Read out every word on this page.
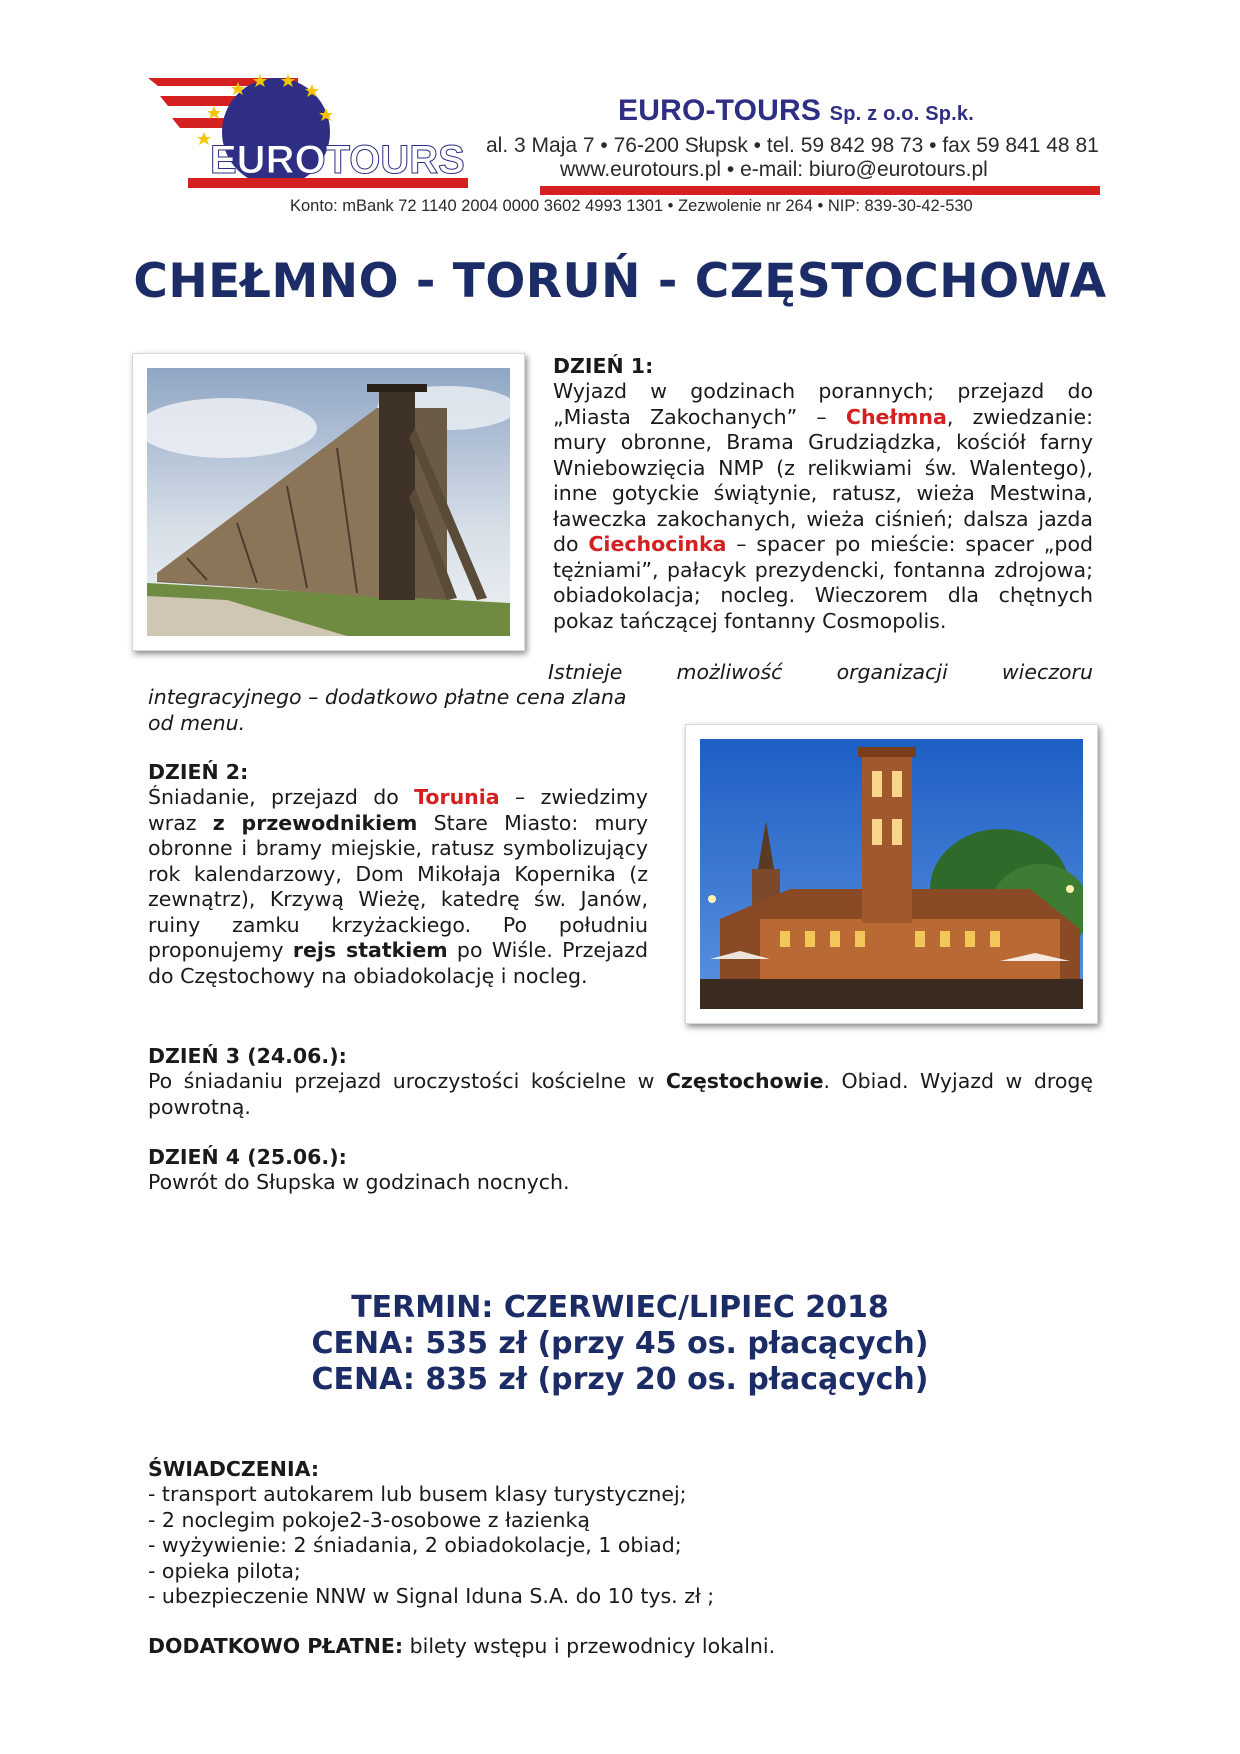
EUROTOURS
EURO-TOURS Sp. z o.o. Sp.k.
al. 3 Maja 7 • 76-200 Słupsk • tel. 59 842 98 73 • fax 59 841 48 81
www.eurotours.pl • e-mail: biuro@eurotours.pl
Konto: mBank 72 1140 2004 0000 3602 4993 1301 • Zezwolenie nr 264 • NIP: 839-30-42-530
CHEŁMNO - TORUŃ - CZĘSTOCHOWA
DZIEŃ 1:
Wyjazd w godzinach porannych; przejazd do „Miasta Zakochanych” – Chełmna, zwiedzanie: mury obronne, Brama Grudziądzka, kościół farny Wniebowzięcia NMP (z relikwiami św. Walentego), inne gotyckie świątynie, ratusz, wieża Mestwina, ławeczka zakochanych, wieża ciśnień; dalsza jazda do Ciechocinka – spacer po mieście: spacer „pod tężniami”, pałacyk prezydencki, fontanna zdrojowa; obiadokolacja; nocleg. Wieczorem dla chętnych pokaz tańczącej fontanny Cosmopolis.
Istnieje	możliwość	organizacji	wieczoru
integracyjnego – dodatkowo płatne cena zlana od menu.
DZIEŃ 2:
Śniadanie, przejazd do Torunia – zwiedzimy wraz z przewodnikiem Stare Miasto: mury obronne i bramy miejskie, ratusz symbolizujący rok kalendarzowy, Dom Mikołaja Kopernika (z zewnątrz), Krzywą Wieżę, katedrę św. Janów, ruiny zamku krzyżackiego. Po południu proponujemy rejs statkiem po Wiśle. Przejazd do Częstochowy na obiadokolację i nocleg.
DZIEŃ 3 (24.06.):
Po śniadaniu przejazd uroczystości kościelne w Częstochowie. Obiad. Wyjazd w drogę powrotną.
DZIEŃ 4 (25.06.):
Powrót do Słupska w godzinach nocnych.
TERMIN: CZERWIEC/LIPIEC 2018
CENA: 535 zł (przy 45 os. płacących)
CENA: 835 zł (przy 20 os. płacących)
ŚWIADCZENIA:
- transport autokarem lub busem klasy turystycznej;
- 2 noclegim pokoje2-3-osobowe z łazienką
- wyżywienie: 2 śniadania, 2 obiadokolacje, 1 obiad;
- opieka pilota;
- ubezpieczenie NNW w Signal Iduna S.A. do 10 tys. zł ;
DODATKOWO PŁATNE: bilety wstępu i przewodnicy lokalni.
